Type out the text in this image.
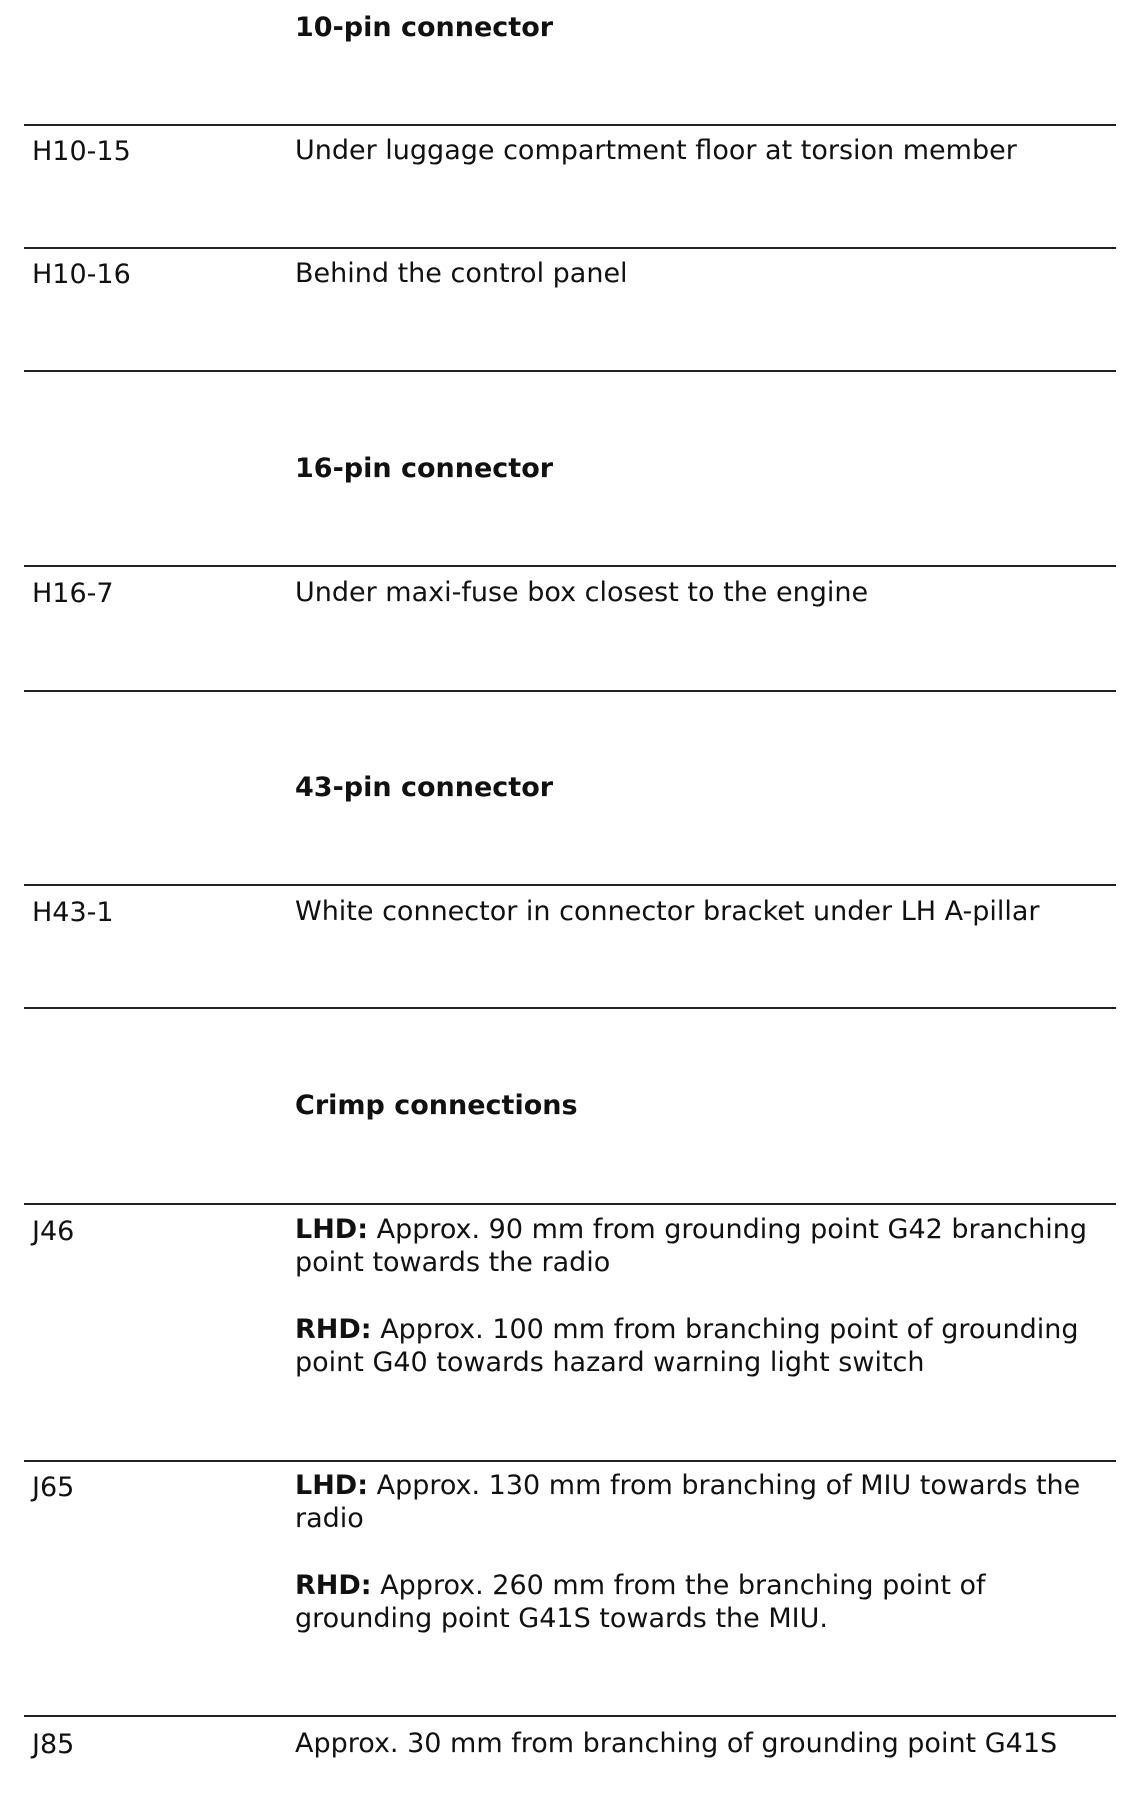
10-pin connector
H10-15	Under luggage compartment floor at torsion member
H10-16	Behind the control panel
16-pin connector
H16-7	Under maxi-fuse box closest to the engine
43-pin connector
H43-1	White connector in connector bracket under LH A-pillar
Crimp connections
J46	LHD: Approx. 90 mm from grounding point G42 branching point towards the radio

RHD: Approx. 100 mm from branching point of grounding point G40 towards hazard warning light switch

J65	LHD: Approx. 130 mm from branching of MIU towards the radio

RHD: Approx. 260 mm from the branching point of grounding point G41S towards the MIU.

J85	Approx. 30 mm from branching of grounding point G41S
